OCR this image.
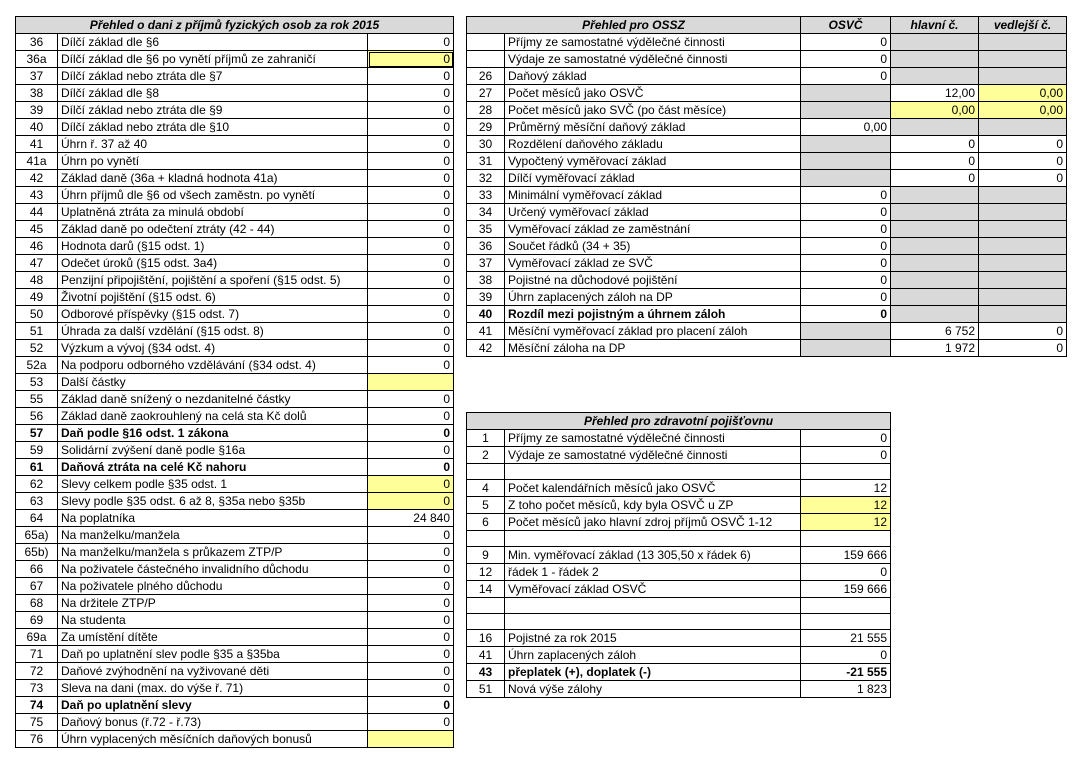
Přehled o dani z příjmů fyzických osob za rok 2015		
36	Dílčí základ dle §6	0
36a	Dílčí základ dle §6 po vynětí příjmů ze zahraničí	0
37	Dílčí základ nebo ztráta dle §7	0
38	Dílčí základ dle §8	0
39	Dílčí základ nebo ztráta dle §9	0
40	Dílčí základ nebo ztráta dle §10	0
41	Úhrn ř. 37 až 40	0
41a	Úhrn po vynětí	0
42	Základ daně (36a + kladná hodnota 41a)	0
43	Úhrn příjmů dle §6 od všech zaměstn. po vynětí	0
44	Uplatněná ztráta za minulá období	0
45	Základ daně po odečtení ztráty (42 - 44)	0
46	Hodnota darů (§15 odst. 1)	0
47	Odečet úroků (§15 odst. 3a4)	0
48	Penzijní připojištění, pojištění a spoření (§15 odst. 5)	0
49	Životní pojištění (§15 odst. 6)	0
50	Odborové příspěvky (§15 odst. 7)	0
51	Úhrada za další vzdělání (§15 odst. 8)	0
52	Výzkum a vývoj (§34 odst. 4)	0
52a	Na podporu odborného vzdělávání (§34 odst. 4)	0
53	Další částky	
55	Základ daně snížený o nezdanitelné částky	0
56	Základ daně zaokrouhlený na celá sta Kč dolů	0
57	Daň podle §16 odst. 1 zákona	0
59	Solidární zvýšení daně podle §16a	0
61	Daňová ztráta na celé Kč nahoru	0
62	Slevy celkem podle §35 odst. 1	0
63	Slevy podle §35 odst. 6 až 8, §35a nebo §35b	0
64	Na poplatníka	24 840
65a)	Na manželku/manžela	0
65b)	Na manželku/manžela s průkazem ZTP/P	0
66	Na poživatele částečného invalidního důchodu	0
67	Na poživatele plného důchodu	0
68	Na držitele ZTP/P	0
69	Na studenta	0
69a	Za umístění dítěte	0
71	Daň po uplatnění slev podle §35 a §35ba	0
72	Daňové zvýhodnění na vyživované děti	0
73	Sleva na dani (max. do výše ř. 71)	0
74	Daň po uplatnění slevy	0
75	Daňový bonus (ř.72 - ř.73)	0
76	Úhrn vyplacených měsíčních daňových bonusů	
Přehled pro OSSZ		OSVČ	hlavní č.	vedlejší č.
	Příjmy ze samostatné výdělečné činnosti	0		
	Výdaje ze samostatné výdělečné činnosti	0		
26	Daňový základ	0		
27	Počet měsíců jako OSVČ		12,00	0,00
28	Počet měsíců jako SVČ (po část měsíce)		0,00	0,00
29	Průměrný měsíční daňový základ	0,00		
30	Rozdělení daňového základu		0	0
31	Vypočtený vyměřovací základ		0	0
32	Dílčí vyměřovací základ		0	0
33	Minimální vyměřovací základ	0		
34	Určený vyměřovací základ	0		
35	Vyměřovací základ ze zaměstnání	0		
36	Součet řádků (34 + 35)	0		
37	Vyměřovací základ ze SVČ	0		
38	Pojistné na důchodové pojištění	0		
39	Úhrn zaplacených záloh na DP	0		
40	Rozdíl mezi pojistným a úhrnem záloh	0		
41	Měsíční vyměřovací základ pro placení záloh		6 752	0
42	Měsíční záloha na DP		1 972	0
Přehled pro zdravotní pojišťovnu		
1	Příjmy ze samostatné výdělečné činnosti	0
2	Výdaje ze samostatné výdělečné činnosti	0

4	Počet kalendářních měsíců jako OSVČ	12
5	Z toho počet měsíců, kdy byla OSVČ u ZP	12
6	Počet měsíců jako hlavní zdroj příjmů OSVČ 1-12	12

9	Min. vyměřovací základ (13 305,50 x řádek 6)	159 666
12	řádek 1 - řádek 2	0
14	Vyměřovací základ OSVČ	159 666

16	Pojistné za rok 2015	21 555
41	Úhrn zaplacených záloh	0
43	přeplatek (+), doplatek (-)	-21 555
51	Nová výše zálohy	1 823
